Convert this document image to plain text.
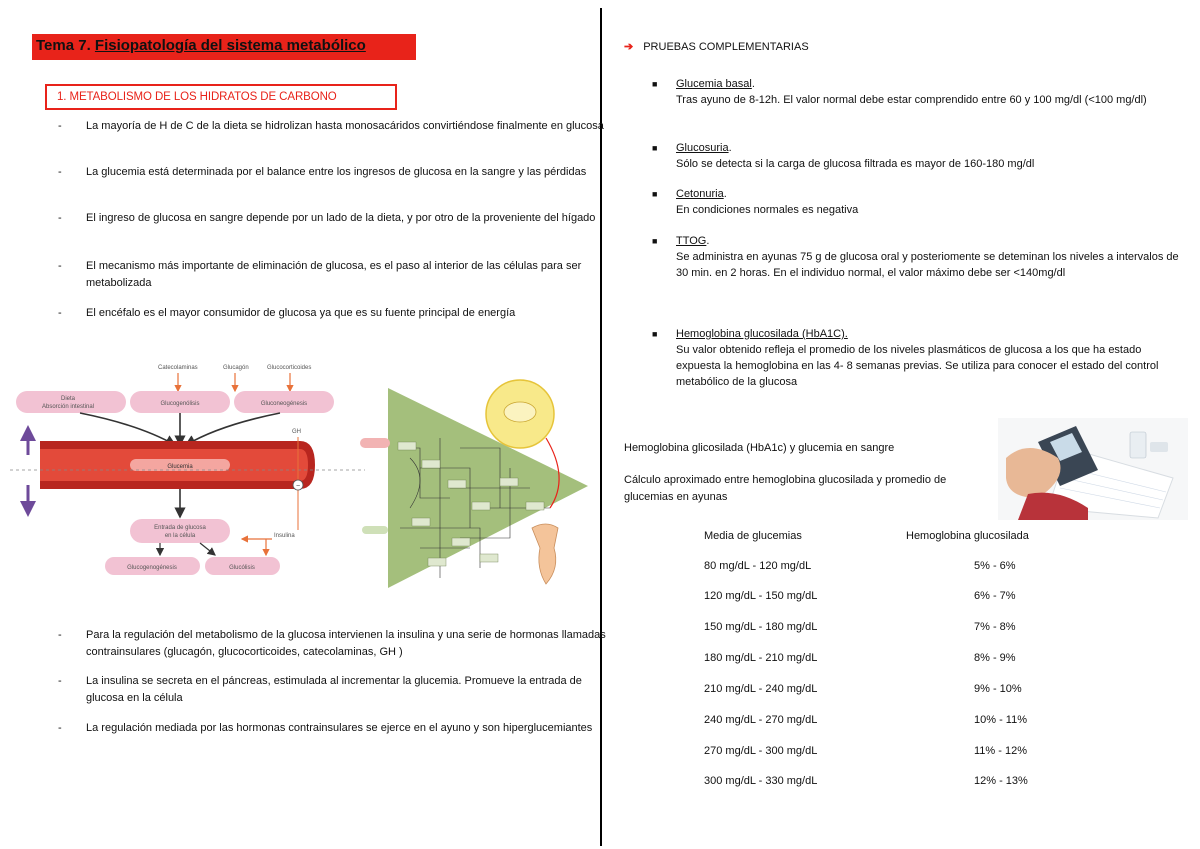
Tema 7. Fisiopatología del sistema metabólico
1. METABOLISMO DE LOS HIDRATOS DE CARBONO
- La mayoría de H de C de la dieta se hidrolizan hasta monosacáridos convirtiéndose finalmente en glucosa
- La glucemia está determinada por el balance entre los ingresos de glucosa en la sangre y las pérdidas
- El ingreso de glucosa en sangre depende por un lado de la dieta, y por otro de la proveniente del hígado
- El mecanismo más importante de eliminación de glucosa, es el paso al interior de las células para ser metabolizada
- El encéfalo es el mayor consumidor de glucosa ya que es su fuente principal de energía
Catecolaminas	Glucagón	Glucocorticoides
Dieta
Absorción intestinal	Glucogenólisis	Gluconeogénesis
Glucemia
GH
−
Entrada de glucosa
en la célula	Insulina
Glucogenogénesis	Glucólisis
- Para la regulación del metabolismo de la glucosa intervienen la insulina y una serie de hormonas llamadas contrainsulares (glucagón, glucocorticoides, catecolaminas, GH )
- La insulina se secreta en el páncreas, estimulada al incrementar la glucemia. Promueve la entrada de glucosa en la célula
- La regulación mediada por las hormonas contrainsulares se ejerce en el ayuno y son hiperglucemiantes
➔ PRUEBAS COMPLEMENTARIAS
■ Glucemia basal.
Tras ayuno de 8-12h. El valor normal debe estar comprendido entre 60 y 100 mg/dl (<100 mg/dl)
■ Glucosuria.
Sólo se detecta si la carga de glucosa filtrada es mayor de 160-180 mg/dl
■ Cetonuria.
En condiciones normales es negativa
■ TTOG.
Se administra en ayunas 75 g de glucosa oral y posteriomente se deteminan los niveles a intervalos de 30 min. en 2 horas. En el individuo normal, el valor máximo debe ser <140mg/dl
■ Hemoglobina glucosilada (HbA1C).
Su valor obtenido refleja el promedio de los niveles plasmáticos de glucosa a los que ha estado expuesta la hemoglobina en las 4- 8 semanas previas. Se utiliza para conocer el estado del control metabólico de la glucosa
Hemoglobina glicosilada (HbA1c) y glucemia en sangre
Cálculo aproximado entre hemoglobina glucosilada y promedio de glucemias en ayunas
Media de glucemias	Hemoglobina glucosilada
80 mg/dL - 120 mg/dL	5% - 6%
120 mg/dL - 150 mg/dL	6% - 7%
150 mg/dL - 180 mg/dL	7% - 8%
180 mg/dL - 210 mg/dL	8% - 9%
210 mg/dL - 240 mg/dL	9% - 10%
240 mg/dL - 270 mg/dL	10% - 11%
270 mg/dL - 300 mg/dL	11% - 12%
300 mg/dL - 330 mg/dL	12% - 13%
